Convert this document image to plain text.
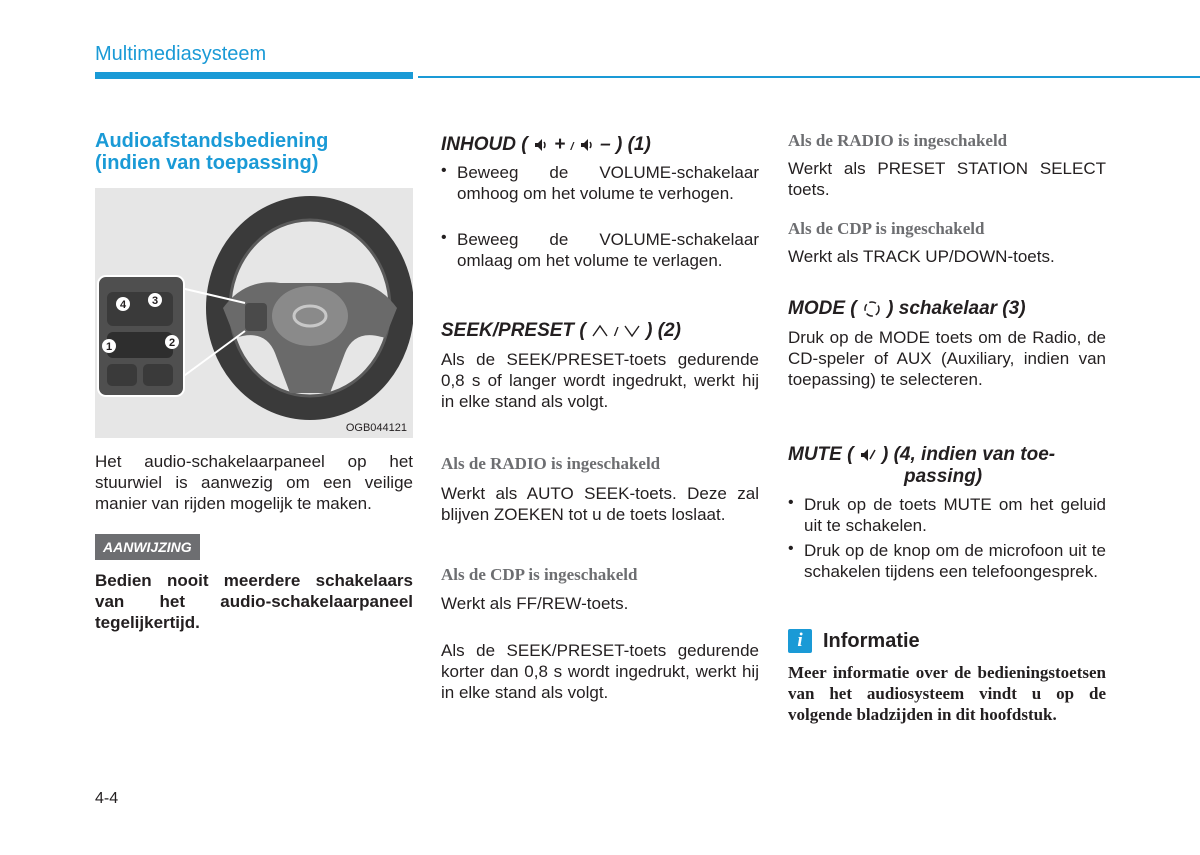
Multimediasysteem
Audioafstandsbediening
(indien van toepassing)
4 3
1	2
OGB044121
Het audio-schakelaarpaneel op het stuurwiel is aanwezig om een veilige manier van rijden mogelijk te maken.
AANWIJZING
Bedien nooit meerdere schakelaars van het audio-schakelaarpaneel tegelijkertijd.
INHOUD ( + / – ) (1)
• Beweeg de VOLUME-schakelaar omhoog om het volume te verhogen.
• Beweeg de VOLUME-schakelaar omlaag om het volume te verlagen.
SEEK/PRESET ( / ) (2)
Als de SEEK/PRESET-toets gedurende 0,8 s of langer wordt ingedrukt, werkt hij in elke stand als volgt.
Als de RADIO is ingeschakeld
Werkt als AUTO SEEK-toets. Deze zal blijven ZOEKEN tot u de toets loslaat.
Als de CDP is ingeschakeld
Werkt als FF/REW-toets.
Als de SEEK/PRESET-toets gedurende korter dan 0,8 s wordt ingedrukt, werkt hij in elke stand als volgt.
Als de RADIO is ingeschakeld
Werkt als PRESET STATION SELECT toets.
Als de CDP is ingeschakeld
Werkt als TRACK UP/DOWN-toets.
MODE ( ) schakelaar (3)
Druk op de MODE toets om de Radio, de CD-speler of AUX (Auxiliary, indien van toepassing) te selecteren.
MUTE ( ) (4, indien van toe-
passing)
• Druk op de toets MUTE om het geluid uit te schakelen.
• Druk op de knop om de microfoon uit te schakelen tijdens een telefoongesprek.
i	Informatie
Meer informatie over de bedieningstoetsen van het audiosysteem vindt u op de volgende bladzijden in dit hoofdstuk.
4-4
